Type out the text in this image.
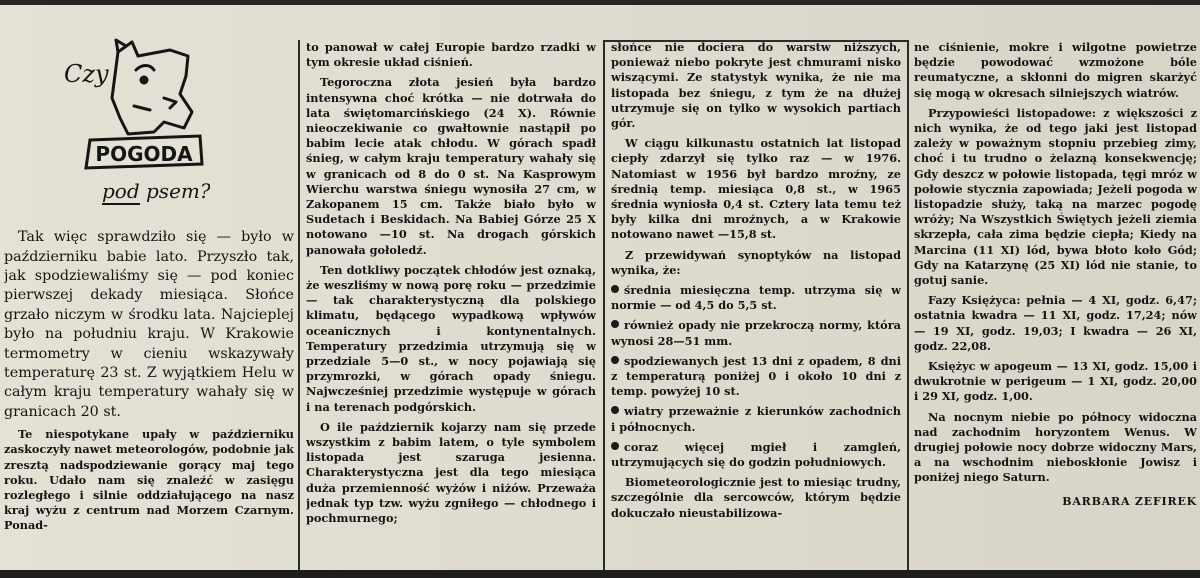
Czy
POGODA
pod psem?

Tak więc sprawdziło się — było w październiku babie lato. Przyszło tak, jak spodziewaliśmy się — pod koniec pierwszej dekady miesiąca. Słońce grzało niczym w środku lata. Najcieplej było na południu kraju. W Krakowie termometry w cieniu wskazywały temperaturę 23 st. Z wyjątkiem Helu w całym kraju temperatury wahały się w granicach 20 st.

Te niespotykane upały w październiku zaskoczyły nawet meteorologów, podobnie jak zresztą nadspodziewanie gorący maj tego roku. Udało nam się znaleźć w zasięgu rozległego i silnie oddziałującego na nasz kraj wyżu z centrum nad Morzem Czarnym. Ponad-

to panował w całej Europie bardzo rzadki w tym okresie układ ciśnień.

Tegoroczna złota jesień była bardzo intensywna choć krótka — nie dotrwała do lata świętomarcińskiego (24 X). Równie nieoczekiwanie co gwałtownie nastąpił po babim lecie atak chłodu. W górach spadł śnieg, w całym kraju temperatury wahały się w granicach od 8 do 0 st. Na Kasprowym Wierchu warstwa śniegu wynosiła 27 cm, w Zakopanem 15 cm. Także biało było w Sudetach i Beskidach. Na Babiej Górze 25 X notowano —10 st. Na drogach górskich panowała gołoledź.

Ten dotkliwy początek chłodów jest oznaką, że weszliśmy w nową porę roku — przedzimie — tak charakterystyczną dla polskiego klimatu, będącego wypadkową wpływów oceanicznych i kontynentalnych. Temperatury przedzimia utrzymują się w przedziale 5—0 st., w nocy pojawiają się przymrozki, w górach opady śniegu. Najwcześniej przedzimie występuje w górach i na terenach podgórskich.

O ile październik kojarzy nam się przede wszystkim z babim latem, o tyle symbolem listopada jest szaruga jesienna. Charakterystyczna jest dla tego miesiąca duża przemienność wyżów i niżów. Przeważa jednak typ tzw. wyżu zgniłego — chłodnego i pochmurnego;

słońce nie dociera do warstw niższych, ponieważ niebo pokryte jest chmurami nisko wiszącymi. Ze statystyk wynika, że nie ma listopada bez śniegu, z tym że na dłużej utrzymuje się on tylko w wysokich partiach gór.

W ciągu kilkunastu ostatnich lat listopad ciepły zdarzył się tylko raz — w 1976. Natomiast w 1956 był bardzo mroźny, ze średnią temp. miesiąca 0,8 st., w 1965 średnia wyniosła 0,4 st. Cztery lata temu też były kilka dni mroźnych, a w Krakowie notowano nawet —15,8 st.

Z przewidywań synoptyków na listopad wynika, że:

średnia miesięczna temp. utrzyma się w normie — od 4,5 do 5,5 st.

również opady nie przekroczą normy, która wynosi 28—51 mm.

spodziewanych jest 13 dni z opadem, 8 dni z temperaturą poniżej 0 i około 10 dni z temp. powyżej 10 st.

wiatry przeważnie z kierunków zachodnich i północnych.

coraz więcej mgieł i zamgleń, utrzymujących się do godzin południowych.

Biometeorologicznie jest to miesiąc trudny, szczególnie dla sercowców, którym będzie dokuczało nieustabilizowa-

ne ciśnienie, mokre i wilgotne powietrze będzie powodować wzmożone bóle reumatyczne, a skłonni do migren skarżyć się mogą w okresach silniejszych wiatrów.

Przypowieści listopadowe: z większości z nich wynika, że od tego jaki jest listopad zależy w poważnym stopniu przebieg zimy, choć i tu trudno o żelazną konsekwencję; Gdy deszcz w połowie listopada, tęgi mróz w połowie stycznia zapowiada; Jeżeli pogoda w listopadzie służy, taką na marzec pogodę wróży; Na Wszystkich Świętych jeżeli ziemia skrzepła, cała zima będzie ciepła; Kiedy na Marcina (11 XI) lód, bywa błoto koło Gód; Gdy na Katarzynę (25 XI) lód nie stanie, to gotuj sanie.

Fazy Księżyca: pełnia — 4 XI, godz. 6,47; ostatnia kwadra — 11 XI, godz. 17,24; nów — 19 XI, godz. 19,03; I kwadra — 26 XI, godz. 22,08.

Księżyc w apogeum — 13 XI, godz. 15,00 i dwukrotnie w perigeum — 1 XI, godz. 20,00 i 29 XI, godz. 1,00.

Na nocnym niebie po północy widoczna nad zachodnim horyzontem Wenus. W drugiej połowie nocy dobrze widoczny Mars, a na wschodnim nieboskłonie Jowisz i poniżej niego Saturn.

BARBARA ZEFIREK
